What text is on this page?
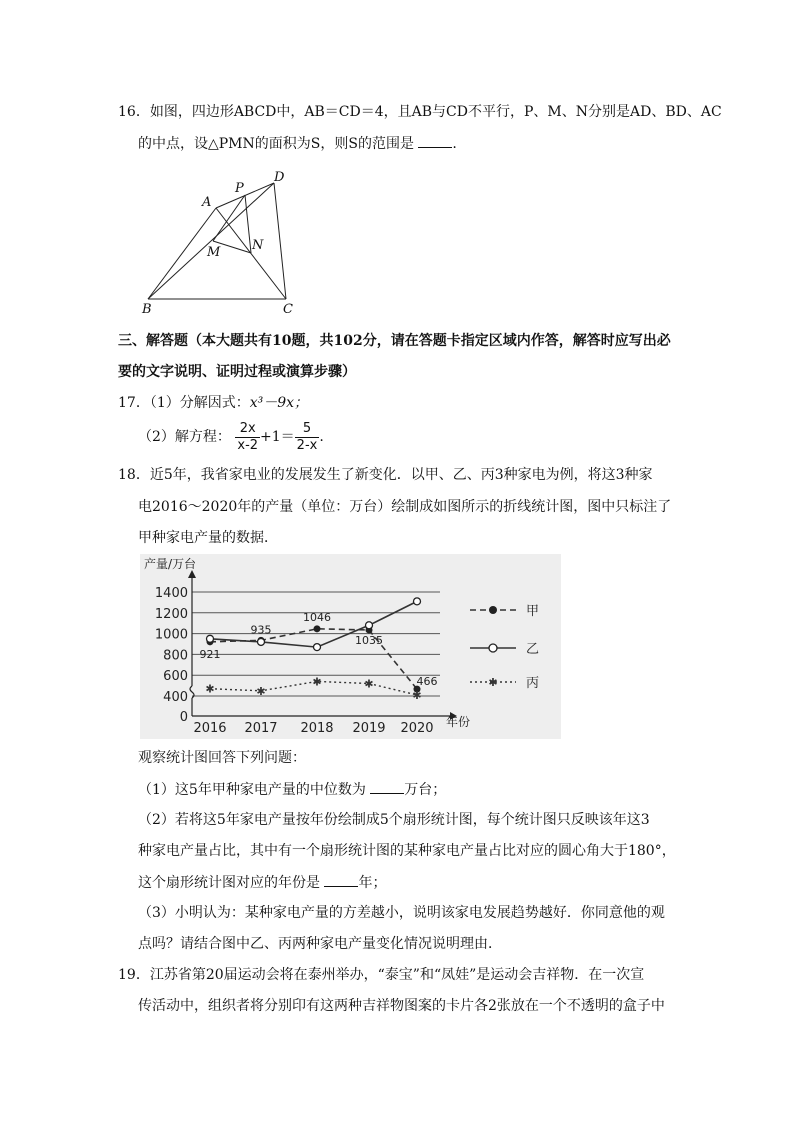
16．如图，四边形ABCD中，AB＝CD＝4，且AB与CD不平行，P、M、N分别是AD、BD、AC
的中点，设△PMN的面积为S，则S的范围是	.
A
P
D
M N
B	C
三、解答题（本大题共有10题，共102分，请在答题卡指定区域内作答，解答时应写出必
要的文字说明、证明过程或演算步骤）
17．（1）分解因式：x³－9x；
（2）解方程： $\frac{2x}{x-2} +1= \frac{5}{2-x}$ .
18．近5年，我省家电业的发展发生了新变化．以甲、乙、丙3种家电为例，将这3种家
电2016～2020年的产量（单位：万台）绘制成如图所示的折线统计图，图中只标注了
甲种家电产量的数据．
0
400
600
800
1000
1200
1400
产量/万台
年份
2016 2017 2018 2019 2020
921
935
1046
1035
466
✱	✱
✱	✱
✱
甲
乙
✱ 丙
观察统计图回答下列问题：
（1）这5年甲种家电产量的中位数为	万台；
（2）若将这5年家电产量按年份绘制成5个扇形统计图，每个统计图只反映该年这3
种家电产量占比，其中有一个扇形统计图的某种家电产量占比对应的圆心角大于180°，
这个扇形统计图对应的年份是	年；
（3）小明认为：某种家电产量的方差越小，说明该家电发展趋势越好．你同意他的观
点吗？请结合图中乙、丙两种家电产量变化情况说明理由．
19．江苏省第20届运动会将在泰州举办，“泰宝”和“凤娃”是运动会吉祥物．在一次宣
传活动中，组织者将分别印有这两种吉祥物图案的卡片各2张放在一个不透明的盒子中
